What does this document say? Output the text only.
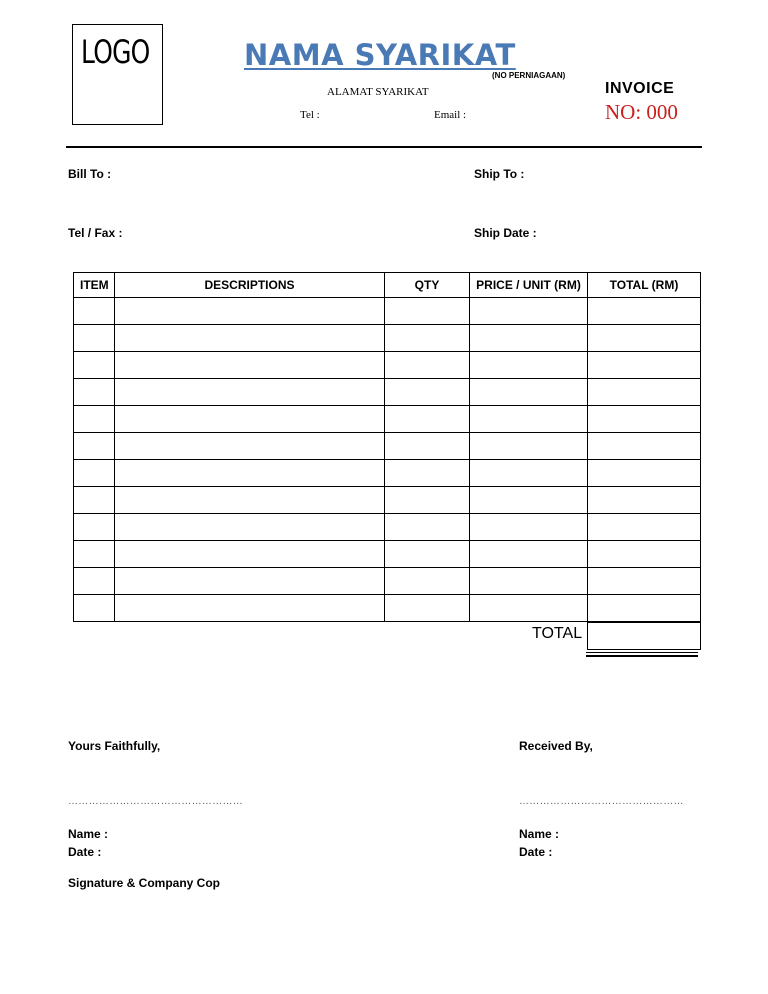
LOGO	NAMA SYARIKAT
(NO PERNIAGAAN)
ALAMAT SYARIKAT
Tel :	Email :
INVOICE
NO: 000
Bill To :	Ship To :
Tel / Fax :	Ship Date :
ITEM	DESCRIPTIONS	QTY	PRICE / UNIT (RM)	TOTAL (RM)

TOTAL
Yours Faithfully,	Received By,
……………………………………………	…………………………………………
Name :
Date :
Name :
Date :
Signature & Company Cop
